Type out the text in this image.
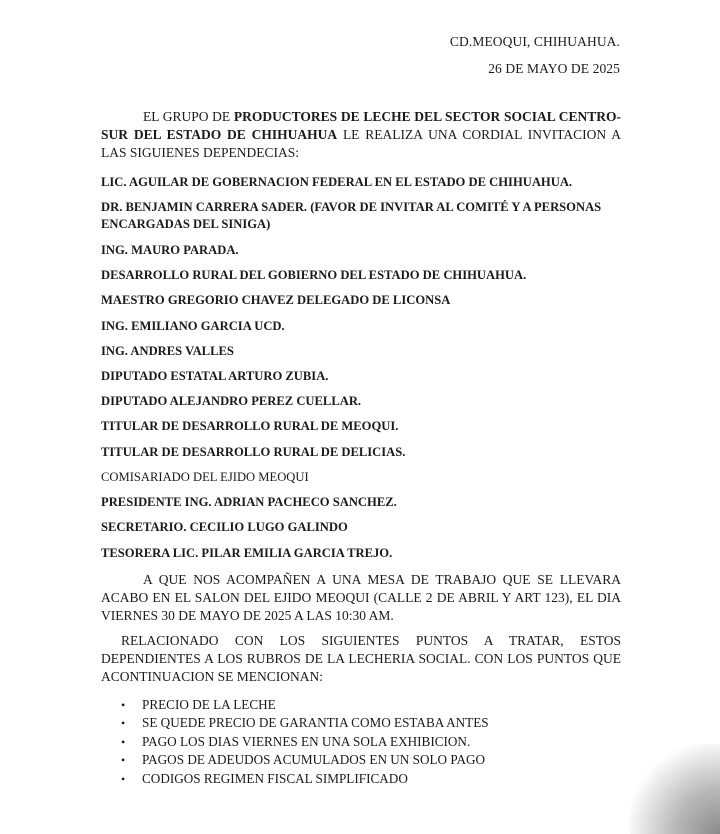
CD.MEOQUI, CHIHUAHUA.
26 DE MAYO DE 2025
EL GRUPO DE PRODUCTORES DE LECHE DEL SECTOR SOCIAL CENTRO-SUR DEL ESTADO DE CHIHUAHUA LE REALIZA UNA CORDIAL INVITACION A LAS SIGUIENES DEPENDECIAS:
LIC. AGUILAR DE GOBERNACION FEDERAL EN EL ESTADO DE CHIHUAHUA.
DR. BENJAMIN CARRERA SADER. (FAVOR DE INVITAR AL COMITÉ Y A PERSONAS ENCARGADAS DEL SINIGA)
ING. MAURO PARADA.
DESARROLLO RURAL DEL GOBIERNO DEL ESTADO DE CHIHUAHUA.
MAESTRO GREGORIO CHAVEZ DELEGADO DE LICONSA
ING. EMILIANO GARCIA UCD.
ING. ANDRES VALLES
DIPUTADO ESTATAL ARTURO ZUBIA.
DIPUTADO ALEJANDRO PEREZ CUELLAR.
TITULAR DE DESARROLLO RURAL DE MEOQUI.
TITULAR DE DESARROLLO RURAL DE DELICIAS.
COMISARIADO DEL EJIDO MEOQUI
PRESIDENTE ING. ADRIAN PACHECO SANCHEZ.
SECRETARIO. CECILIO LUGO GALINDO
TESORERA LIC. PILAR EMILIA GARCIA TREJO.
A QUE NOS ACOMPAÑEN A UNA MESA DE TRABAJO QUE SE LLEVARA ACABO EN EL SALON DEL EJIDO MEOQUI (CALLE 2 DE ABRIL Y ART 123), EL DIA VIERNES 30 DE MAYO DE 2025 A LAS 10:30 AM.
RELACIONADO CON LOS SIGUIENTES PUNTOS A TRATAR, ESTOS DEPENDIENTES A LOS RUBROS DE LA LECHERIA SOCIAL. CON LOS PUNTOS QUE ACONTINUACION SE MENCIONAN:
• PRECIO DE LA LECHE
• SE QUEDE PRECIO DE GARANTIA COMO ESTABA ANTES
• PAGO LOS DIAS VIERNES EN UNA SOLA EXHIBICION.
• PAGOS DE ADEUDOS ACUMULADOS EN UN SOLO PAGO
• CODIGOS REGIMEN FISCAL SIMPLIFICADO
